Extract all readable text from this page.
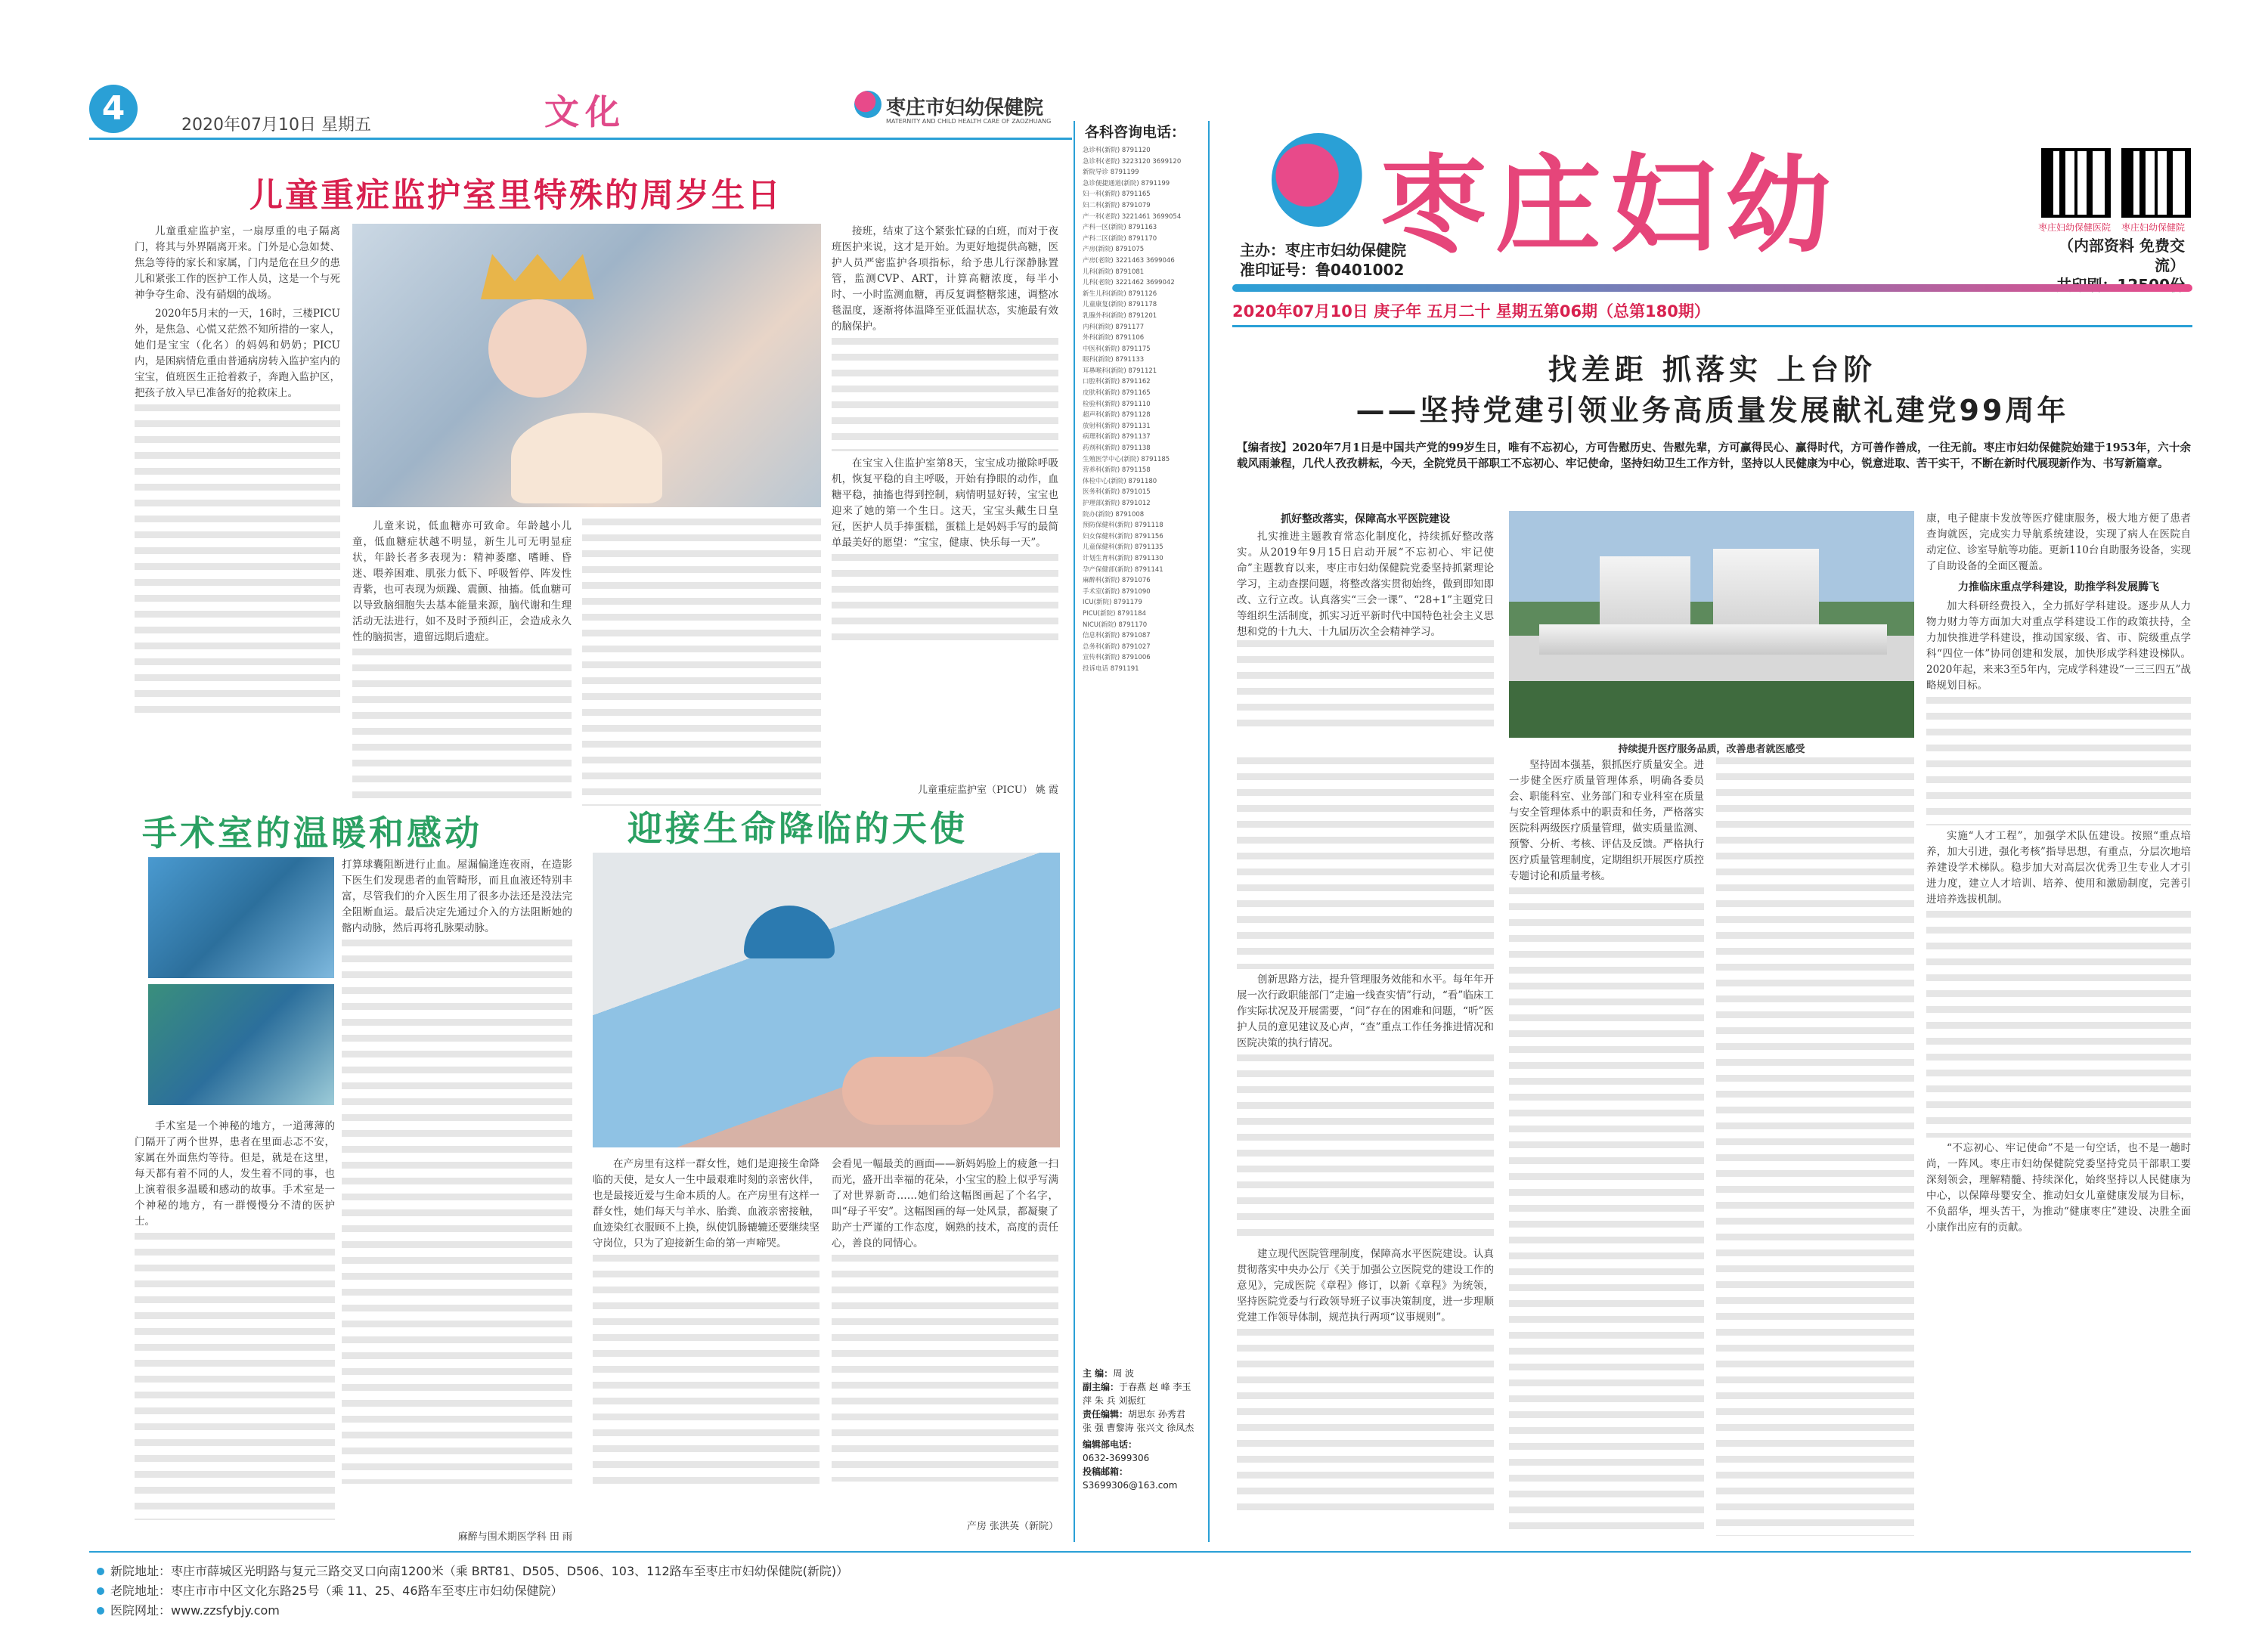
4	2020年07月10日 星期五	文化	枣庄市妇幼保健院
MATERNITY AND CHILD HEALTH CARE OF ZAOZHUANG
儿童重症监护室里特殊的周岁生日

儿童重症监护室，一扇厚重的电子隔离门，将其与外界隔离开来。门外是心急如焚、焦急等待的家长和家属，门内是危在旦夕的患儿和紧张工作的医护工作人员，这是一个与死神争夺生命、没有硝烟的战场。

2020年5月末的一天，16时，三楼PICU外，是焦急、心慌又茫然不知所措的一家人，她们是宝宝（化名）的妈妈和奶奶；PICU内，是困病情危重由普通病房转入监护室内的宝宝，值班医生正抢着救子，奔跑入监护区，把孩子放入早已准备好的抢救床上。

儿童来说，低血糖亦可致命。年龄越小儿童，低血糖症状越不明显，新生儿可无明显症状，年龄长者多表现为：精神萎靡、嗜睡、昏迷、喂养困难、肌张力低下、呼吸暂停、阵发性青紫，也可表现为烦躁、震颤、抽搐。低血糖可以导致脑细胞失去基本能量来源，脑代谢和生理活动无法进行，如不及时予预纠正，会造成永久性的脑损害，遗留远期后遗症。

接班，结束了这个紧张忙碌的白班，而对于夜班医护来说，这才是开始。为更好地提供高糖，医护人员严密监护各项指标，给予患儿行深静脉置管，监测CVP、ART，计算高糖浓度，每半小时、一小时监测血糖，再反复调整糖浆速，调整冰毯温度，逐渐将体温降至亚低温状态，实施最有效的脑保护。

在宝宝入住监护室第8天，宝宝成功撤除呼吸机，恢复平稳的自主呼吸，开始有挣眼的动作，血糖平稳，抽搐也得到控制，病情明显好转，宝宝也迎来了她的第一个生日。这天，宝宝头戴生日皇冠，医护人员手捧蛋糕，蛋糕上是妈妈手写的最简单最美好的愿望：“宝宝，健康、快乐每一天”。

儿童重症监护室（PICU） 姚 霞
手术室的温暖和感动

手术室是一个神秘的地方，一道薄薄的门隔开了两个世界，患者在里面忐忑不安，家属在外面焦灼等待。但是，就是在这里，每天都有着不同的人，发生着不同的事，也上演着很多温暖和感动的故事。手术室是一个神秘的地方，有一群慢慢分不清的医护士。

打算球囊阻断进行止血。屋漏偏逢连夜雨，在造影下医生们发现患者的血管畸形，而且血液还特别丰富，尽管我们的介入医生用了很多办法还是没法完全阻断血运。最后决定先通过介入的方法阻断她的髂内动脉，然后再将孔脉栗动脉。

麻醉与围术期医学科 田 雨
迎接生命降临的天使

在产房里有这样一群女性，她们是迎接生命降临的天使，是女人一生中最艰难时刻的亲密伙伴，也是最接近爱与生命本质的人。在产房里有这样一群女性，她们每天与羊水、胎粪、血液亲密接触，血迹染红衣服顾不上换，纵使饥肠辘辘还要继续坚守岗位，只为了迎接新生命的第一声啼哭。

会看见一幅最美的画面——新妈妈脸上的疲惫一扫而光，盛开出幸福的花朵，小宝宝的脸上似乎写满了对世界新奇……她们给这幅图画起了个名字，叫“母子平安”。这幅图画的每一处风景，都凝聚了助产士严谨的工作态度，娴熟的技术，高度的责任心，善良的同情心。

产房 张洪英（新院）
各科咨询电话：
急诊科(新院) 8791120
急诊科(老院) 3223120 3699120
新院导诊 8791199
急诊便捷通道(新院) 8791199
妇一科(新院) 8791165
妇二科(新院) 8791079
产一科(老院) 3221461 3699054
产科一区(新院) 8791163
产科二区(新院) 8791170
产房(新院) 8791075
产房(老院) 3221463 3699046
儿科(新院) 8791081
儿科(老院) 3221462 3699042
新生儿科(新院) 8791126
儿童康复(新院) 8791178
乳腺外科(新院) 8791201
内科(新院) 8791177
外科(新院) 8791106
中医科(新院) 8791175
眼科(新院) 8791133
耳鼻喉科(新院) 8791121
口腔科(新院) 8791162
皮肤科(新院) 8791165
检验科(新院) 8791110
超声科(新院) 8791128
放射科(新院) 8791131
病理科(新院) 8791137
药剂科(新院) 8791138
生殖医学中心(新院) 8791185
营养科(新院) 8791158
体检中心(新院) 8791180
医务科(新院) 8791015
护理部(新院) 8791012
院办(新院) 8791008
预防保健科(新院) 8791118
妇女保健科(新院) 8791156
儿童保健科(新院) 8791135
计划生育科(新院) 8791130
孕产保健部(新院) 8791141
麻醉科(新院) 8791076
手术室(新院) 8791090
ICU(新院) 8791179
PICU(新院) 8791184
NICU(新院) 8791170
信息科(新院) 8791087
总务科(新院) 8791027
宣传科(新院) 8791006
投诉电话 8791191
主 编：周 波
副主编：于春燕 赵 峰 李玉萍 朱 兵 刘振红
责任编辑：胡思东 孙秀君 张 强 曹黎涛 张兴文 徐凤杰
编辑部电话：
0632-3699306
投稿邮箱：
S3699306@163.com
枣庄妇幼
主办：枣庄市妇幼保健院
准印证号：鲁0401002
枣庄妇幼保健医院 枣庄妇幼保健院
（内部资料 免费交流）
2020年07月10日 庚子年 五月二十 星期五第06期（总第180期）
找差距 抓落实 上台阶
——坚持党建引领业务高质量发展献礼建党99周年
【编者按】2020年7月1日是中国共产党的99岁生日，唯有不忘初心，方可告慰历史、告慰先辈，方可赢得民心、赢得时代，方可善作善成，一往无前。枣庄市妇幼保健院始建于1953年，六十余载风雨兼程，几代人孜孜耕耘，今天，全院党员干部职工不忘初心、牢记使命，坚持妇幼卫生工作方针，坚持以人民健康为中心，锐意进取、苦干实干，不断在新时代展现新作为、书写新篇章。
抓好整改落实，保障高水平医院建设

扎实推进主题教育常态化制度化，持续抓好整改落实。从2019年9月15日启动开展“不忘初心、牢记使命”主题教育以来，枣庄市妇幼保健院党委坚持抓紧理论学习，主动查摆问题，将整改落实贯彻始终，做到即知即改、立行立改。认真落实“三会一课”、“28+1”主题党日等组织生活制度，抓实习近平新时代中国特色社会主义思想和党的十九大、十九届历次全会精神学习。

持续提升医疗服务品质，改善患者就医感受

坚持固本强基，狠抓医疗质量安全。进一步健全医疗质量管理体系，明确各委员会、职能科室、业务部门和专业科室在质量与安全管理体系中的职责和任务，严格落实医院科两级医疗质量管理，做实质量监测、预警、分析、考核、评估及反馈。严格执行医疗质量管理制度，定期组织开展医疗质控专题讨论和质量考核。

创新思路方法，提升管理服务效能和水平。每年年开展一次行政职能部门“走遍一线查实情”行动，“看”临床工作实际状况及开展需要，“问”存在的困难和问题，“听”医护人员的意见建议及心声，“查”重点工作任务推进情况和医院决策的执行情况。

建立现代医院管理制度，保障高水平医院建设。认真贯彻落实中央办公厅《关于加强公立医院党的建设工作的意见》，完成医院《章程》修订，以新《章程》为统领，坚持医院党委与行政领导班子议事决策制度，进一步理顺党建工作领导体制，规范执行两项“议事规则”。

康，电子健康卡发放等医疗健康服务，极大地方便了患者查询就医，完成实力导航系统建设，实现了病人在医院自动定位、诊室导航等功能。更新110台自助服务设备，实现了自助设备的全面区覆盖。

力推临床重点学科建设，助推学科发展腾飞

加大科研经费投入，全力抓好学科建设。逐步从人力物力财力等方面加大对重点学科建设工作的政策扶持，全力加快推进学科建设，推动国家级、省、市、院级重点学科“四位一体”协同创建和发展，加快形成学科建设梯队。2020年起，来来3至5年内，完成学科建设“一三三四五”战略规划目标。

实施“人才工程”，加强学术队伍建设。按照“重点培养，加大引进，强化考核”指导思想，有重点，分层次地培养建设学术梯队。稳步加大对高层次优秀卫生专业人才引进力度，建立人才培训、培养、使用和激励制度，完善引进培养选拔机制。

“不忘初心、牢记使命”不是一句空话，也不是一趟时尚，一阵风。枣庄市妇幼保健院党委坚持党员干部职工要深刻领会，理解精髓、持续深化，始终坚持以人民健康为中心，以保障母婴安全、推动妇女儿童健康发展为目标，不负韶华，埋头苦干，为推动“健康枣庄”建设、决胜全面小康作出应有的贡献。

新院地址：枣庄市薛城区光明路与复元三路交叉口向南1200米（乘 BRT81、D505、D506、103、112路车至枣庄市妇幼保健院(新院)）
老院地址：枣庄市市中区文化东路25号（乘 11、25、46路车至枣庄市妇幼保健院）
医院网址：www.zzsfybjy.com
